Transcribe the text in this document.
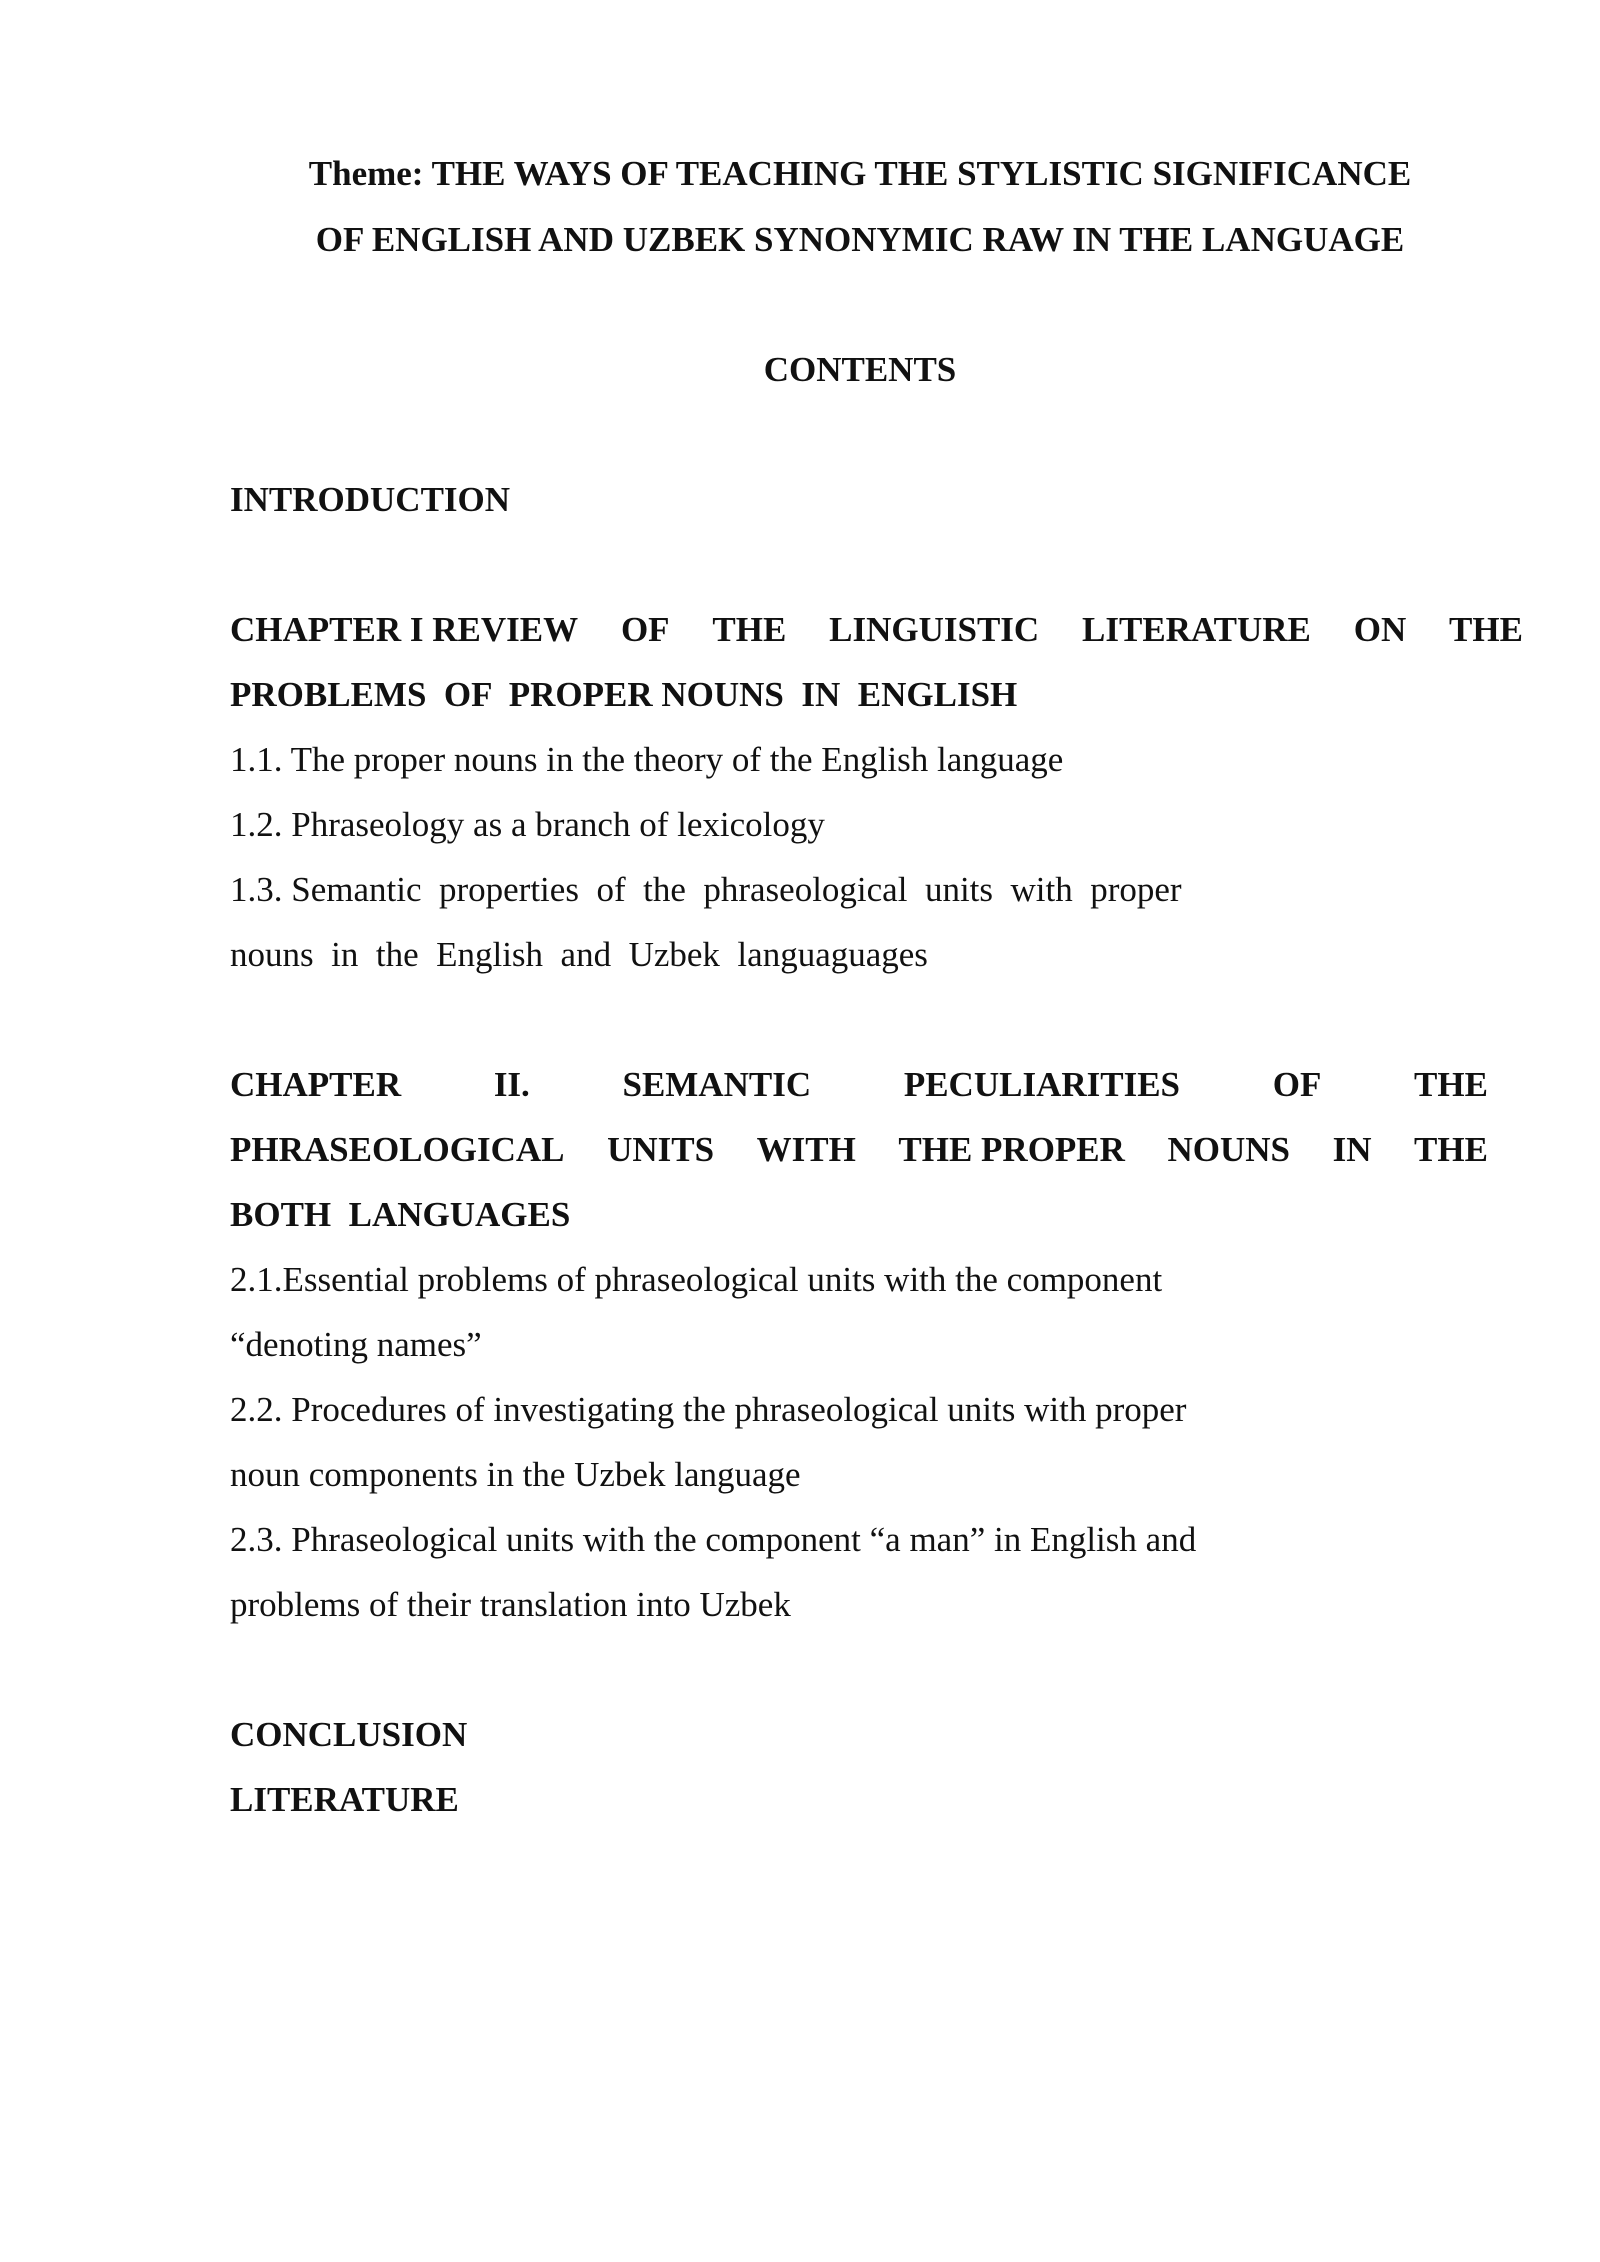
Theme: THE WAYS OF TEACHING THE STYLISTIC SIGNIFICANCE
OF ENGLISH AND UZBEK SYNONYMIC RAW IN THE LANGUAGE
CONTENTS
INTRODUCTION
CHAPTER I REVIEW OF THE LINGUISTIC LITERATURE ON THE
PROBLEMS  OF  PROPER NOUNS  IN  ENGLISH
1.1. The proper nouns in the theory of the English language
1.2. Phraseology as a branch of lexicology
1.3. Semantic  properties  of  the  phraseological  units  with  proper
nouns  in  the  English  and  Uzbek  languaguages
CHAPTER	II.	SEMANTIC	PECULIARITIES	OF	THE
PHRASEOLOGICAL UNITS WITH THE PROPER NOUNS IN THE
BOTH  LANGUAGES
2.1.Essential problems of phraseological units with the component
“denoting names”
2.2. Procedures of investigating the phraseological units with proper
noun components in the Uzbek language
2.3. Phraseological units with the component “a man” in English and
problems of their translation into Uzbek
CONCLUSION
LITERATURE
